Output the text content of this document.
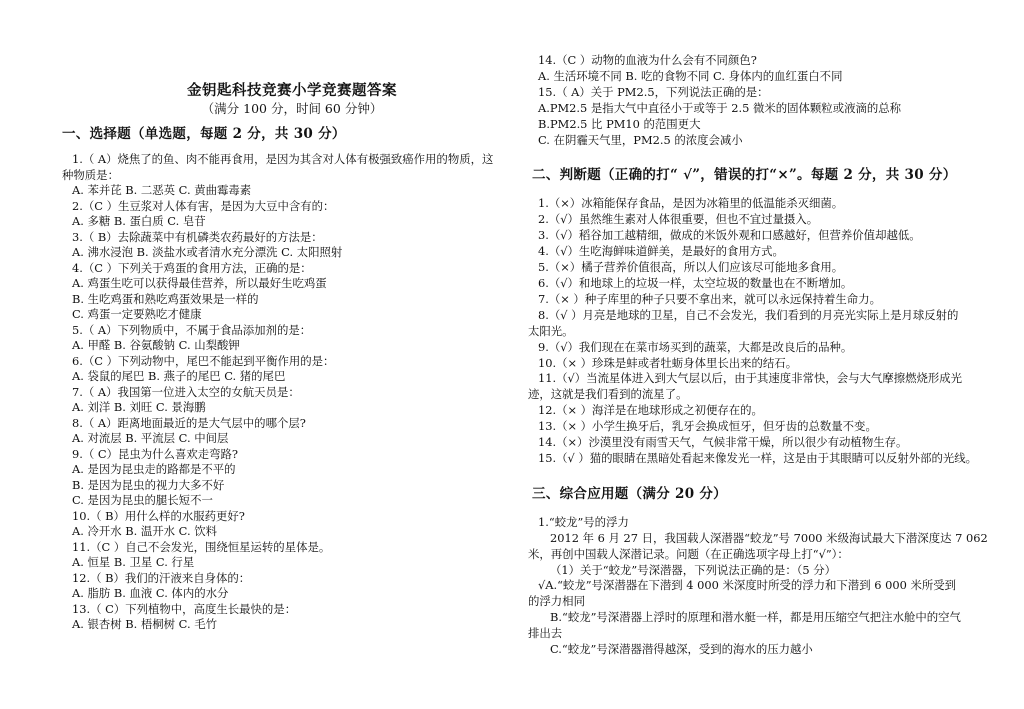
金钥匙科技竞赛小学竞赛题答案
（满分 100 分，时间 60 分钟）
一、选择题（单选题，每题 2 分，共 30 分）
1.（ A）烧焦了的鱼、肉不能再食用，是因为其含对人体有极强致癌作用的物质，这
种物质是：
A. 苯并芘 B. 二恶英 C. 黄曲霉毒素
2.（C ）生豆浆对人体有害，是因为大豆中含有的：
A. 多糖 B. 蛋白质 C. 皂苷
3.（ B）去除蔬菜中有机磷类农药最好的方法是：
A. 沸水浸泡 B. 淡盐水或者清水充分漂洗 C. 太阳照射
4.（C ）下列关于鸡蛋的食用方法，正确的是：
A. 鸡蛋生吃可以获得最佳营养，所以最好生吃鸡蛋
B. 生吃鸡蛋和熟吃鸡蛋效果是一样的
C. 鸡蛋一定要熟吃才健康
5.（ A）下列物质中，不属于食品添加剂的是：
A. 甲醛 B. 谷氨酸钠 C. 山梨酸钾
6.（C ）下列动物中，尾巴不能起到平衡作用的是：
A. 袋鼠的尾巴 B. 燕子的尾巴 C. 猪的尾巴
7.（ A）我国第一位进入太空的女航天员是：
A. 刘洋 B. 刘旺 C. 景海鹏
8.（ A）距离地面最近的是大气层中的哪个层?
A. 对流层 B. 平流层 C. 中间层
9.（ C）昆虫为什么喜欢走弯路?
A. 是因为昆虫走的路都是不平的
B. 是因为昆虫的视力大多不好
C. 是因为昆虫的腿长短不一
10.（ B）用什么样的水服药更好?
A. 冷开水 B. 温开水 C. 饮料
11.（C ）自己不会发光，围绕恒星运转的星体是。
A. 恒星 B. 卫星 C. 行星
12.（ B）我们的汗液来自身体的：
A. 脂肪 B. 血液 C. 体内的水分
13.（ C）下列植物中，高度生长最快的是：
A. 银杏树 B. 梧桐树 C. 毛竹
14.（C ）动物的血液为什么会有不同颜色?
A. 生活环境不同 B. 吃的食物不同 C. 身体内的血红蛋白不同
15.（ A）关于 PM2.5，下列说法正确的是：
A.PM2.5 是指大气中直径小于或等于 2.5 微米的固体颗粒或液滴的总称
B.PM2.5 比 PM10 的范围更大
C. 在阴霾天气里，PM2.5 的浓度会减小
二、判断题（正确的打“ √”，错误的打“×”。每题 2 分，共 30 分）
1.（×）冰箱能保存食品，是因为冰箱里的低温能杀灭细菌。
2.（√）虽然维生素对人体很重要，但也不宜过量摄入。
3.（√）稻谷加工越精细，做成的米饭外观和口感越好，但营养价值却越低。
4.（√）生吃海鲜味道鲜美，是最好的食用方式。
5.（×）橘子营养价值很高，所以人们应该尽可能地多食用。
6.（√）和地球上的垃圾一样，太空垃圾的数量也在不断增加。
7.（× ）种子库里的种子只要不拿出来，就可以永远保持着生命力。
8.（√ ）月亮是地球的卫星，自己不会发光，我们看到的月亮光实际上是月球反射的
太阳光。
9.（√）我们现在在菜市场买到的蔬菜，大都是改良后的品种。
10.（× ）珍珠是蚌或者牡蛎身体里长出来的结石。
11.（√）当流星体进入到大气层以后，由于其速度非常快，会与大气摩擦燃烧形成光
迹，这就是我们看到的流星了。
12.（× ）海洋是在地球形成之初便存在的。
13.（× ）小学生换牙后，乳牙会换成恒牙，但牙齿的总数量不变。
14.（×）沙漠里没有雨雪天气，气候非常干燥，所以很少有动植物生存。
15.（√ ）猫的眼睛在黑暗处看起来像发光一样，这是由于其眼睛可以反射外部的光线。
三、综合应用题（满分 20 分）
1.“蛟龙”号的浮力
2012 年 6 月 27 日，我国载人深潜器“蛟龙”号 7000 米级海试最大下潜深度达 7 062
米，再创中国载人深潜记录。问题（在正确选项字母上打“√”）：
（1）关于“蛟龙”号深潜器，下列说法正确的是：（5 分）
√A.“蛟龙”号深潜器在下潜到 4 000 米深度时所受的浮力和下潜到 6 000 米所受到
的浮力相同
B.“蛟龙”号深潜器上浮时的原理和潜水艇一样，都是用压缩空气把注水舱中的空气
排出去
C.“蛟龙”号深潜器潜得越深，受到的海水的压力越小
